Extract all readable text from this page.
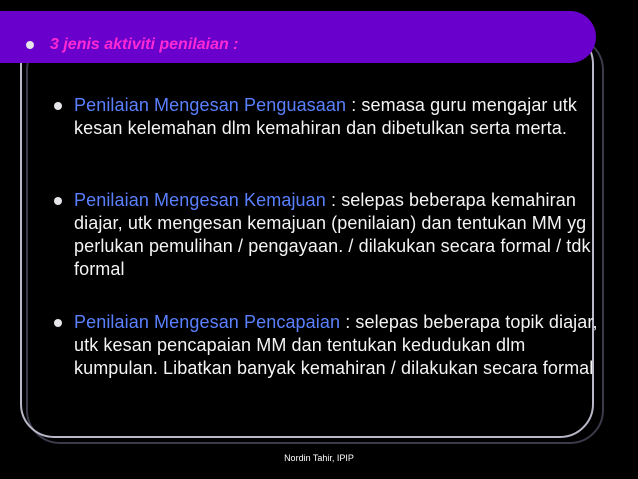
3 jenis aktiviti penilaian :
Penilaian Mengesan Penguasaan : semasa guru mengajar utk kesan kelemahan dlm kemahiran dan dibetulkan serta merta.
Penilaian Mengesan Kemajuan : selepas beberapa kemahiran diajar, utk mengesan kemajuan (penilaian) dan tentukan MM yg perlukan pemulihan / pengayaan. / dilakukan secara formal / tdk formal
Penilaian Mengesan Pencapaian : selepas beberapa topik diajar, utk kesan pencapaian MM dan tentukan kedudukan dlm kumpulan. Libatkan banyak kemahiran / dilakukan secara formal
Nordin Tahir, IPIP
